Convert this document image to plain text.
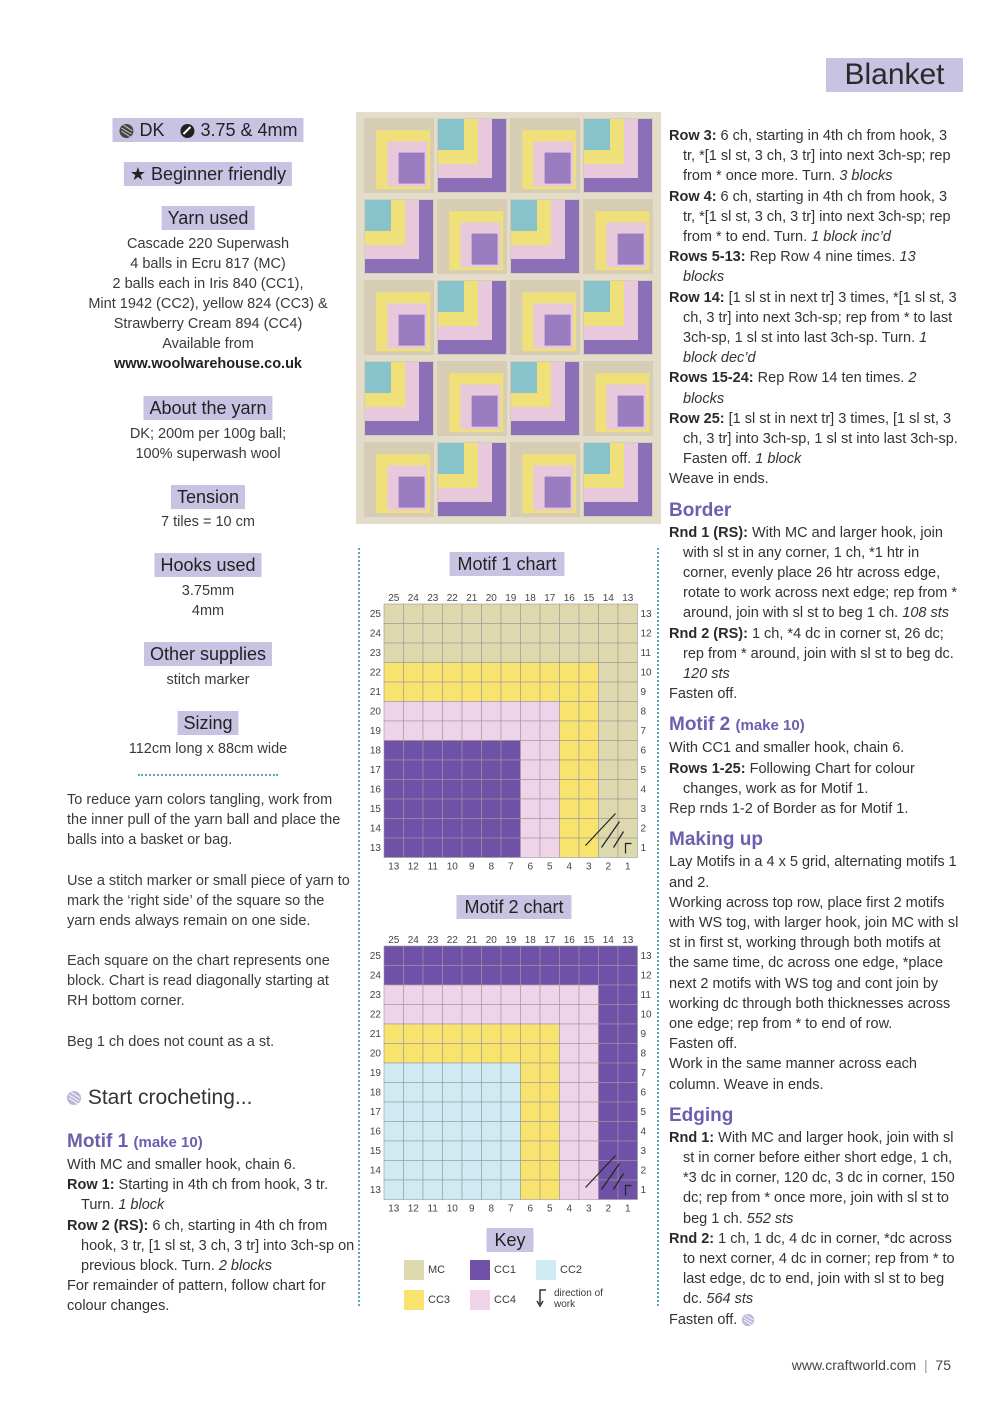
Blanket
DK 3.75 & 4mm
★ Beginner friendly
Yarn used
Cascade 220 Superwash
4 balls in Ecru 817 (MC)
2 balls each in Iris 840 (CC1),
Mint 1942 (CC2), yellow 824 (CC3) &
Strawberry Cream 894 (CC4)
Available from
www.woolwarehouse.co.uk
About the yarn
DK; 200m per 100g ball;
100% superwash wool
Tension
7 tiles = 10 cm
Hooks used
3.75mm
4mm
Other supplies
stitch marker
Sizing
112cm long x 88cm wide
To reduce yarn colors tangling, work from the inner pull of the yarn ball and place the balls into a basket or bag.
Use a stitch marker or small piece of yarn to mark the ‘right side’ of the square so the yarn ends always remain on one side.
Each square on the chart represents one block. Chart is read diagonally starting at RH bottom corner.
Beg 1 ch does not count as a st.
Start crocheting...

Motif 1 (make 10)

With MC and smaller hook, chain 6.

Row 1: Starting in 4th ch from hook, 3 tr. Turn. 1 block

Row 2 (RS): 6 ch, starting in 4th ch from hook, 3 tr, [1 sl st, 3 ch, 3 tr] into 3ch-sp on previous block. Turn. 2 blocks

For remainder of pattern, follow chart for colour changes.

Motif 1 chart
Motif 2 chart
25
13
25	13
24
12
24	12
23
11
23	11
22
10
22	10
21
9
21	9
20
8
20	8
19
7
19	7
18
6
18	6
17
5
17	5
16
4
16	4
15
3
15	3
14
2
14	2
13
1
13	1
25
13
25	13
24
12
24	12
23
11
23	11
22
10
22	10
21
9
21	9
20
8
20	8
19
7
19	7
18
6
18	6
17
5
17	5
16
4
16	4
15
3
15	3
14
2
14	2
13
1
13	1
Key
MC	CC1	CC2
CC3	CC4
direction of work

Row 3: 6 ch, starting in 4th ch from hook, 3 tr, *[1 sl st, 3 ch, 3 tr] into next 3ch-sp; rep from * once more. Turn. 3 blocks

Row 4: 6 ch, starting in 4th ch from hook, 3 tr, *[1 sl st, 3 ch, 3 tr] into next 3ch-sp; rep from * to end. Turn. 1 block inc’d

Rows 5-13: Rep Row 4 nine times. 13 blocks

Row 14: [1 sl st in next tr] 3 times, *[1 sl st, 3 ch, 3 tr] into next 3ch-sp; rep from * to last 3ch-sp, 1 sl st into last 3ch-sp. Turn. 1 block dec’d

Rows 15-24: Rep Row 14 ten times. 2 blocks

Row 25: [1 sl st in next tr] 3 times, [1 sl st, 3 ch, 3 tr] into 3ch-sp, 1 sl st into last 3ch-sp. Fasten off. 1 block

Weave in ends.

Border

Rnd 1 (RS): With MC and larger hook, join with sl st in any corner, 1 ch, *1 htr in corner, evenly place 26 htr across edge, rotate to work across next edge; rep from * around, join with sl st to beg 1 ch. 108 sts

Rnd 2 (RS): 1 ch, *4 dc in corner st, 26 dc; rep from * around, join with sl st to beg dc. 120 sts

Fasten off.

Motif 2 (make 10)

With CC1 and smaller hook, chain 6.

Rows 1-25: Following Chart for colour changes, work as for Motif 1.

Rep rnds 1-2 of Border as for Motif 1.

Making up

Lay Motifs in a 4 x 5 grid, alternating motifs 1 and 2.

Working across top row, place first 2 motifs with WS tog, with larger hook, join MC with sl st in first st, working through both motifs at the same time, dc across one edge, *place next 2 motifs with WS tog and cont join by working dc through both thicknesses across one edge; rep from * to end of row.

Fasten off.

Work in the same manner across each column. Weave in ends.

Edging

Rnd 1: With MC and larger hook, join with sl st in corner before either short edge, 1 ch, *3 dc in corner, 120 dc, 3 dc in corner, 150 dc; rep from * once more, join with sl st to beg 1 ch. 552 sts

Rnd 2: 1 ch, 1 dc, 4 dc in corner, *dc across to next corner, 4 dc in corner; rep from * to last edge, dc to end, join with sl st to beg dc. 564 sts

Fasten off.

www.craftworld.com  |  75
